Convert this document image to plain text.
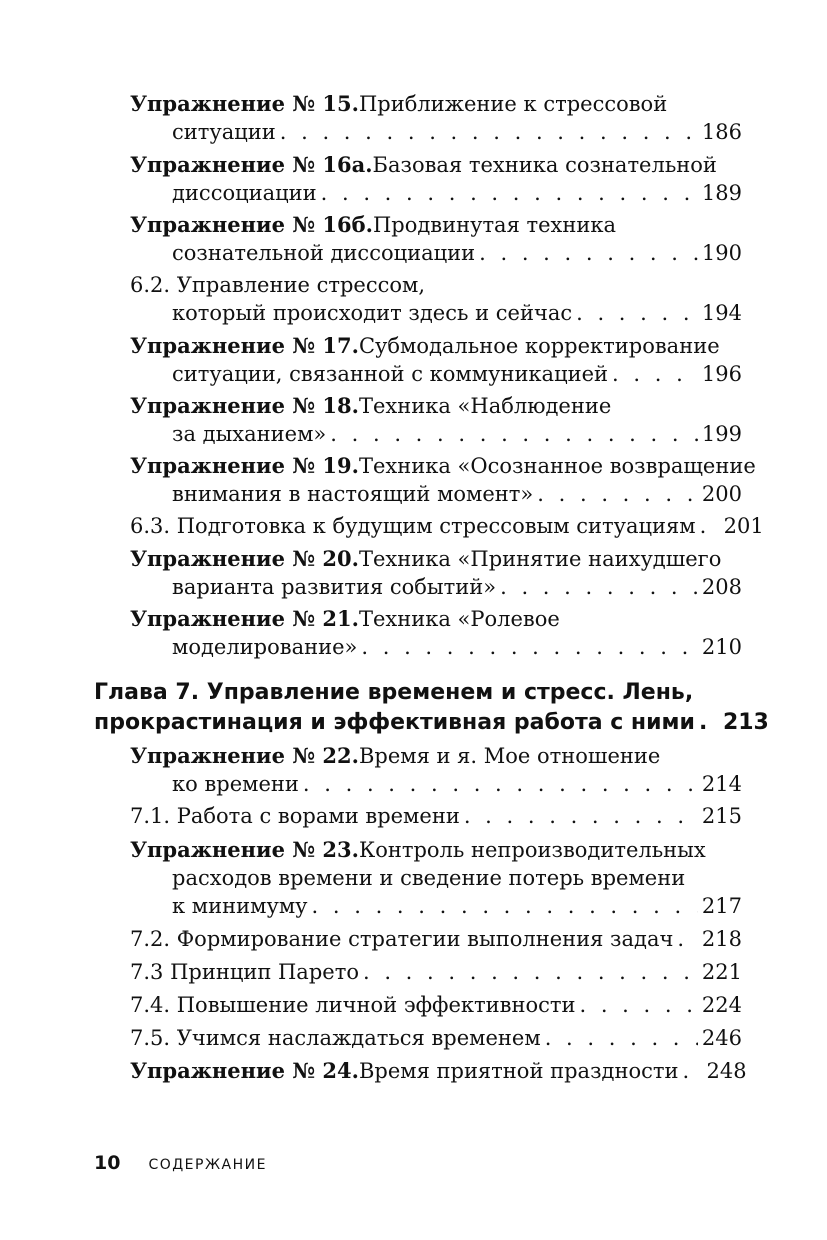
Упражнение № 15. Приближение к стрессовой
ситуации . . .	186
Упражнение № 16а. Базовая техника сознательной
диссоциации . . .	189
Упражнение № 16б. Продвинутая техника
сознательной диссоциации . . .	190
6.2. Управление стрессом,
который происходит здесь и сейчас . . .	194
Упражнение № 17. Субмодальное корректирование
ситуации, связанной с коммуникацией . . .	196
Упражнение № 18. Техника «Наблюдение
за дыханием» . . .	199
Упражнение № 19. Техника «Осознанное возвращение
внимания в настоящий момент» . . .	200
6.3. Подготовка к будущим стрессовым ситуациям . . . 201
Упражнение № 20. Техника «Принятие наихудшего
варианта развития событий» . . .	208
Упражнение № 21. Техника «Ролевое
моделирование» . . .	210
Глава 7. Управление временем и стресс. Лень,
прокрастинация и эффективная работа с ними . . . 213
Упражнение № 22. Время и я. Мое отношение
ко времени . . .	214
7.1. Работа с ворами времени . . .	215
Упражнение № 23. Контроль непроизводительных
расходов времени и сведение потерь времени
к минимуму . . .	217
7.2. Формирование стратегии выполнения задач . . . 218
7.3 Принцип Парето . . .	221
7.4. Повышение личной эффективности . . .	224
7.5. Учимся наслаждаться временем . . .	246
Упражнение № 24. Время приятной праздности . . . 248
10 СОДЕРЖАНИЕ
